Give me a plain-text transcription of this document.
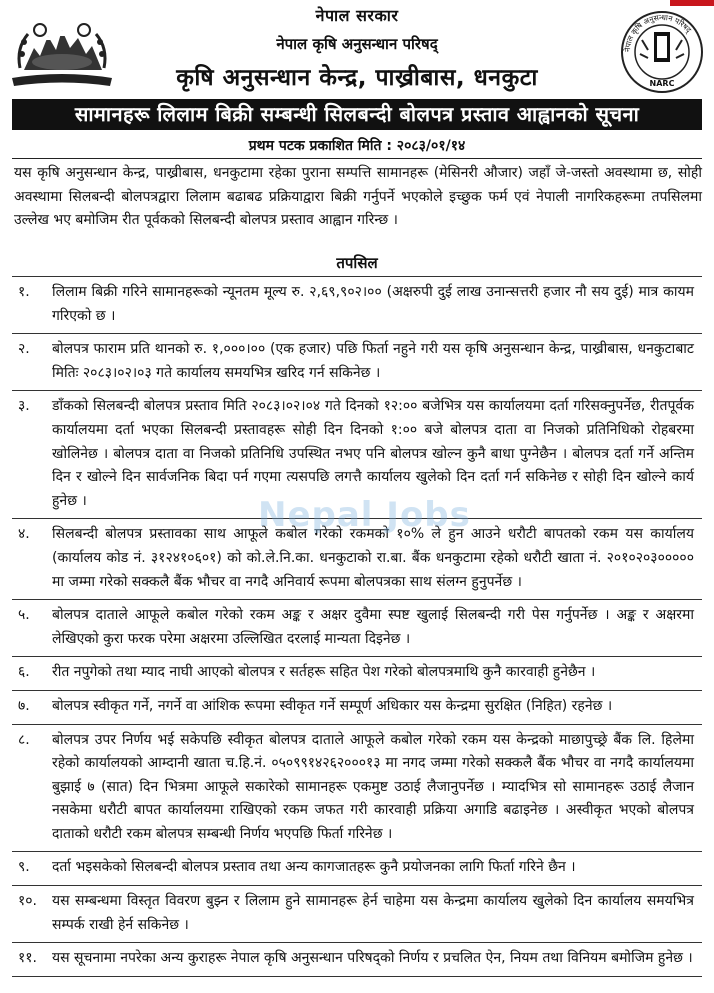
नेपाल सरकार
नेपाल कृषि अनुसन्धान परिषद्
कृषि अनुसन्धान केन्द्र, पाख्रीबास, धनकुटा
नेपाल कृषि अनुसन्धान परिषद्
NARC
सामानहरू लिलाम बिक्री सम्बन्धी सिलबन्दी बोलपत्र प्रस्ताव आह्वानको सूचना
प्रथम पटक प्रकाशित मिति : २०८३/०१/१४
यस कृषि अनुसन्धान केन्द्र, पाख्रीबास, धनकुटामा रहेका पुराना सम्पत्ति सामानहरू (मेसिनरी औजार) जहाँ जे-जस्तो अवस्थामा छ, सोही अवस्थामा सिलबन्दी बोलपत्रद्वारा लिलाम बढाबढ प्रक्रियाद्वारा बिक्री गर्नुपर्ने भएकोले इच्छुक फर्म एवं नेपाली नागरिकहरूमा तपसिलमा उल्लेख भए बमोजिम रीत पूर्वकको सिलबन्दी बोलपत्र प्रस्ताव आह्वान गरिन्छ ।
तपसिल
१.	लिलाम बिक्री गरिने सामानहरूको न्यूनतम मूल्य रु. २,६९,९०२।०० (अक्षरुपी दुई लाख उनान्सत्तरी हजार नौ सय दुई) मात्र कायम गरिएको छ ।
२.	बोलपत्र फाराम प्रति थानको रु. १,०००।०० (एक हजार) पछि फिर्ता नहुने गरी यस कृषि अनुसन्धान केन्द्र, पाख्रीबास, धनकुटाबाट मितिः २०८३।०२।०३ गते कार्यालय समयभित्र खरिद गर्न सकिनेछ ।
३.	डाँकको सिलबन्दी बोलपत्र प्रस्ताव मिति २०८३।०२।०४ गते दिनको १२:०० बजेभित्र यस कार्यालयमा दर्ता गरिसक्नुपर्नेछ, रीतपूर्वक कार्यालयमा दर्ता भएका सिलबन्दी प्रस्तावहरू सोही दिन दिनको १:०० बजे बोलपत्र दाता वा निजको प्रतिनिधिको रोहबरमा खोलिनेछ । बोलपत्र दाता वा निजको प्रतिनिधि उपस्थित नभए पनि बोलपत्र खोल्न कुनै बाधा पुग्नेछैन । बोलपत्र दर्ता गर्ने अन्तिम दिन र खोल्ने दिन सार्वजनिक बिदा पर्न गएमा त्यसपछि लगत्तै कार्यालय खुलेको दिन दर्ता गर्न सकिनेछ र सोही दिन खोल्ने कार्य हुनेछ ।
४.	सिलबन्दी बोलपत्र प्रस्तावका साथ आफूले कबोल गरेको रकमको १०% ले हुन आउने धरौटी बापतको रकम यस कार्यालय (कार्यालय कोड नं. ३१२४१०६०१) को को.ले.नि.का. धनकुटाको रा.बा. बैंक धनकुटामा रहेको धरौटी खाता नं. २०१०२०३००००० मा जम्मा गरेको सक्कलै बैंक भौचर वा नगदै अनिवार्य रूपमा बोलपत्रका साथ संलग्न हुनुपर्नेछ ।
५.	बोलपत्र दाताले आफूले कबोल गरेको रकम अङ्क र अक्षर दुवैमा स्पष्ट खुलाई सिलबन्दी गरी पेस गर्नुपर्नेछ । अङ्क र अक्षरमा लेखिएको कुरा फरक परेमा अक्षरमा उल्लिखित दरलाई मान्यता दिइनेछ ।
६.	रीत नपुगेको तथा म्याद नाघी आएको बोलपत्र र सर्तहरू सहित पेश गरेको बोलपत्रमाथि कुनै कारवाही हुनेछैन ।
७.	बोलपत्र स्वीकृत गर्ने, नगर्ने वा आंशिक रूपमा स्वीकृत गर्ने सम्पूर्ण अधिकार यस केन्द्रमा सुरक्षित (निहित) रहनेछ ।
८.	बोलपत्र उपर निर्णय भई सकेपछि स्वीकृत बोलपत्र दाताले आफूले कबोल गरेको रकम यस केन्द्रको माछापुच्छ्रे बैंक लि. हिलेमा रहेको कार्यालयको आम्दानी खाता च.हि.नं. ०५०९९१४२६२०००१३ मा नगद जम्मा गरेको सक्कलै बैंक भौचर वा नगदै कार्यालयमा बुझाई ७ (सात) दिन भित्रमा आफूले सकारेको सामानहरू एकमुष्ट उठाई लैजानुपर्नेछ । म्यादभित्र सो सामानहरू उठाई लैजान नसकेमा धरौटी बापत कार्यालयमा राखिएको रकम जफत गरी कारवाही प्रक्रिया अगाडि बढाइनेछ । अस्वीकृत भएको बोलपत्र दाताको धरौटी रकम बोलपत्र सम्बन्धी निर्णय भएपछि फिर्ता गरिनेछ ।
९.	दर्ता भइसकेको सिलबन्दी बोलपत्र प्रस्ताव तथा अन्य कागजातहरू कुनै प्रयोजनका लागि फिर्ता गरिने छैन ।
१०.	यस सम्बन्धमा विस्तृत विवरण बुझ्न र लिलाम हुने सामानहरू हेर्न चाहेमा यस केन्द्रमा कार्यालय खुलेको दिन कार्यालय समयभित्र सम्पर्क राखी हेर्न सकिनेछ ।
११.	यस सूचनामा नपरेका अन्य कुराहरू नेपाल कृषि अनुसन्धान परिषद्को निर्णय र प्रचलित ऐन, नियम तथा विनियम बमोजिम हुनेछ ।
Nepal Jobs
